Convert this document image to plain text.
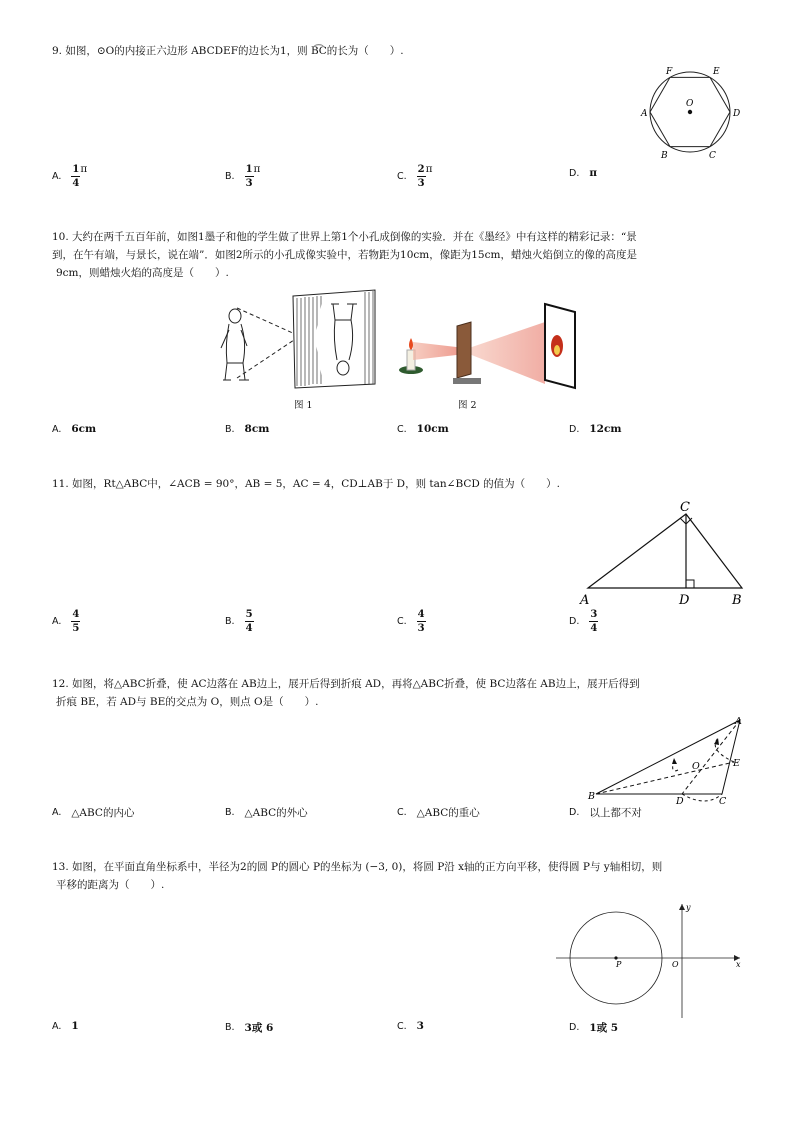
9. 如图，⊙O的内接正六边形 ABCDEF的边长为1，则 B͡C的长为（　　）.
F	E
A
O
D
B	C
A. $\frac{1}{4}$ π
B. $\frac{1}{3}$ π
C. $\frac{2}{3}$ π	D. π
10. 大约在两千五百年前，如图1墨子和他的学生做了世界上第1个小孔成倒像的实验．并在《墨经》中有这样的精彩记录：“景
到，在午有端，与景长，说在端”．如图2所示的小孔成像实验中，若物距为10cm，像距为15cm，蜡烛火焰倒立的像的高度是
9cm，则蜡烛火焰的高度是（　　）.
图 1	图 2
A. 6cm	B. 8cm	C. 10cm	D. 12cm
11. 如图，Rt△ABC中，∠ACB = 90°，AB = 5，AC = 4，CD⊥AB于 D，则 tan∠BCD 的值为（　　）.
C
A	D	B
A. $\frac{4}{5}$	B. $\frac{5}{4}$	C. $\frac{4}{3}$	D. $\frac{3}{4}$
12. 如图，将△ABC折叠，使 AC边落在 AB边上，展开后得到折痕 AD，再将△ABC折叠，使 BC边落在 AB边上，展开后得到
折痕 BE，若 AD与 BE的交点为 O，则点 O是（　　）.
A
E
O
B	D	C
A. △ABC的内心	B. △ABC的外心	C. △ABC的重心	D. 以上都不对
13. 如图，在平面直角坐标系中，半径为2的圆 P的圆心 P的坐标为 (−3, 0)，将圆 P沿 x轴的正方向平移，使得圆 P与 y轴相切，则
平移的距离为（　　）.
y
P	O	x
A. 1	B. 3或 6	C. 3	D. 1或 5
